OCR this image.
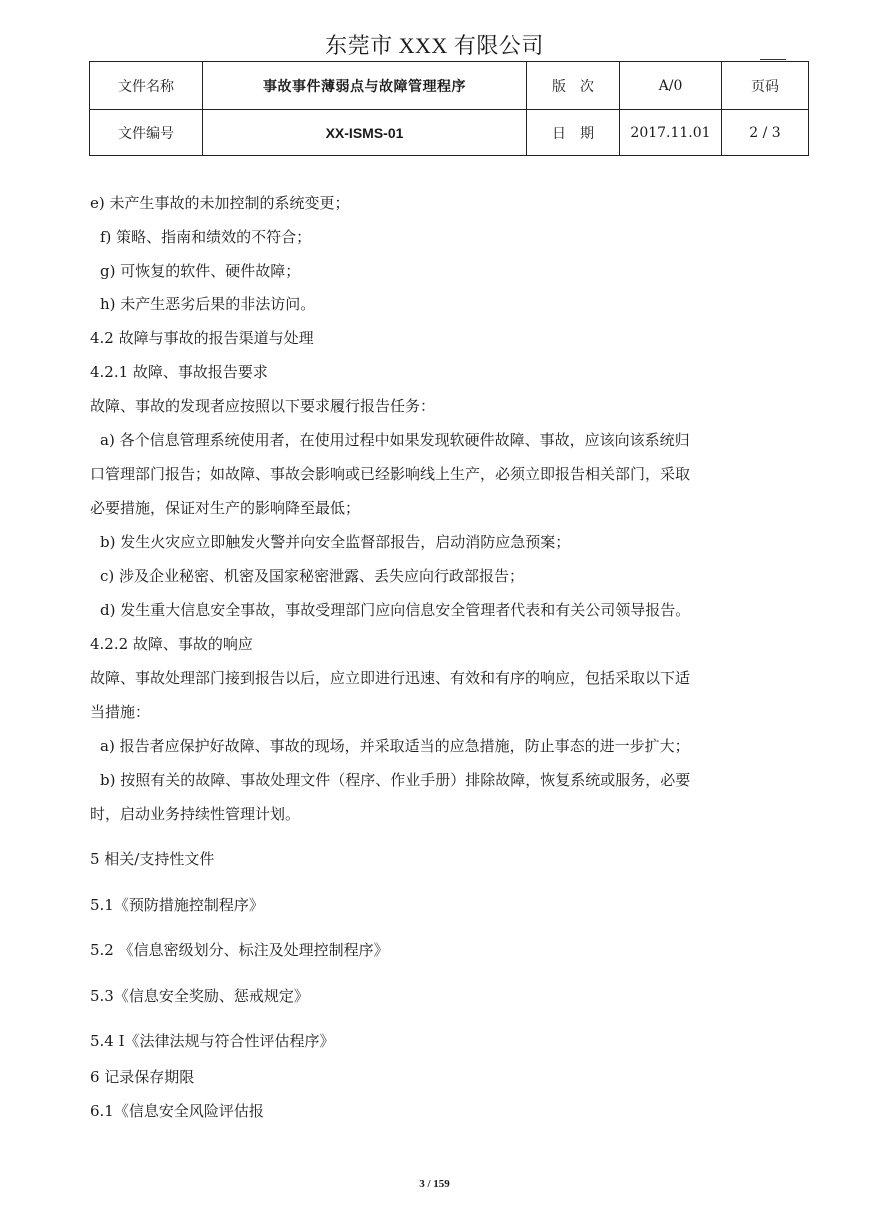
东莞市 XXX 有限公司
文件名称	事故事件薄弱点与故障管理程序	版　次	A/0	页码
文件编号	XX-ISMS-01	日　期	2017.11.01	2 / 3
e) 未产生事故的未加控制的系统变更；
f) 策略、指南和绩效的不符合；
g) 可恢复的软件、硬件故障；
h) 未产生恶劣后果的非法访问。
4.2 故障与事故的报告渠道与处理
4.2.1 故障、事故报告要求
故障、事故的发现者应按照以下要求履行报告任务：
a) 各个信息管理系统使用者，在使用过程中如果发现软硬件故障、事故，应该向该系统归
口管理部门报告；如故障、事故会影响或已经影响线上生产，必须立即报告相关部门，采取
必要措施，保证对生产的影响降至最低；
b) 发生火灾应立即触发火警并向安全监督部报告，启动消防应急预案；
c) 涉及企业秘密、机密及国家秘密泄露、丢失应向行政部报告；
d) 发生重大信息安全事故，事故受理部门应向信息安全管理者代表和有关公司领导报告。
4.2.2 故障、事故的响应
故障、事故处理部门接到报告以后，应立即进行迅速、有效和有序的响应，包括采取以下适
当措施：
a) 报告者应保护好故障、事故的现场，并采取适当的应急措施，防止事态的进一步扩大；
b) 按照有关的故障、事故处理文件（程序、作业手册）排除故障，恢复系统或服务，必要
时，启动业务持续性管理计划。
5 相关/支持性文件
5.1《预防措施控制程序》
5.2 《信息密级划分、标注及处理控制程序》
5.3《信息安全奖励、惩戒规定》
5.4 I《法律法规与符合性评估程序》
6 记录保存期限
6.1《信息安全风险评估报
3 / 159
